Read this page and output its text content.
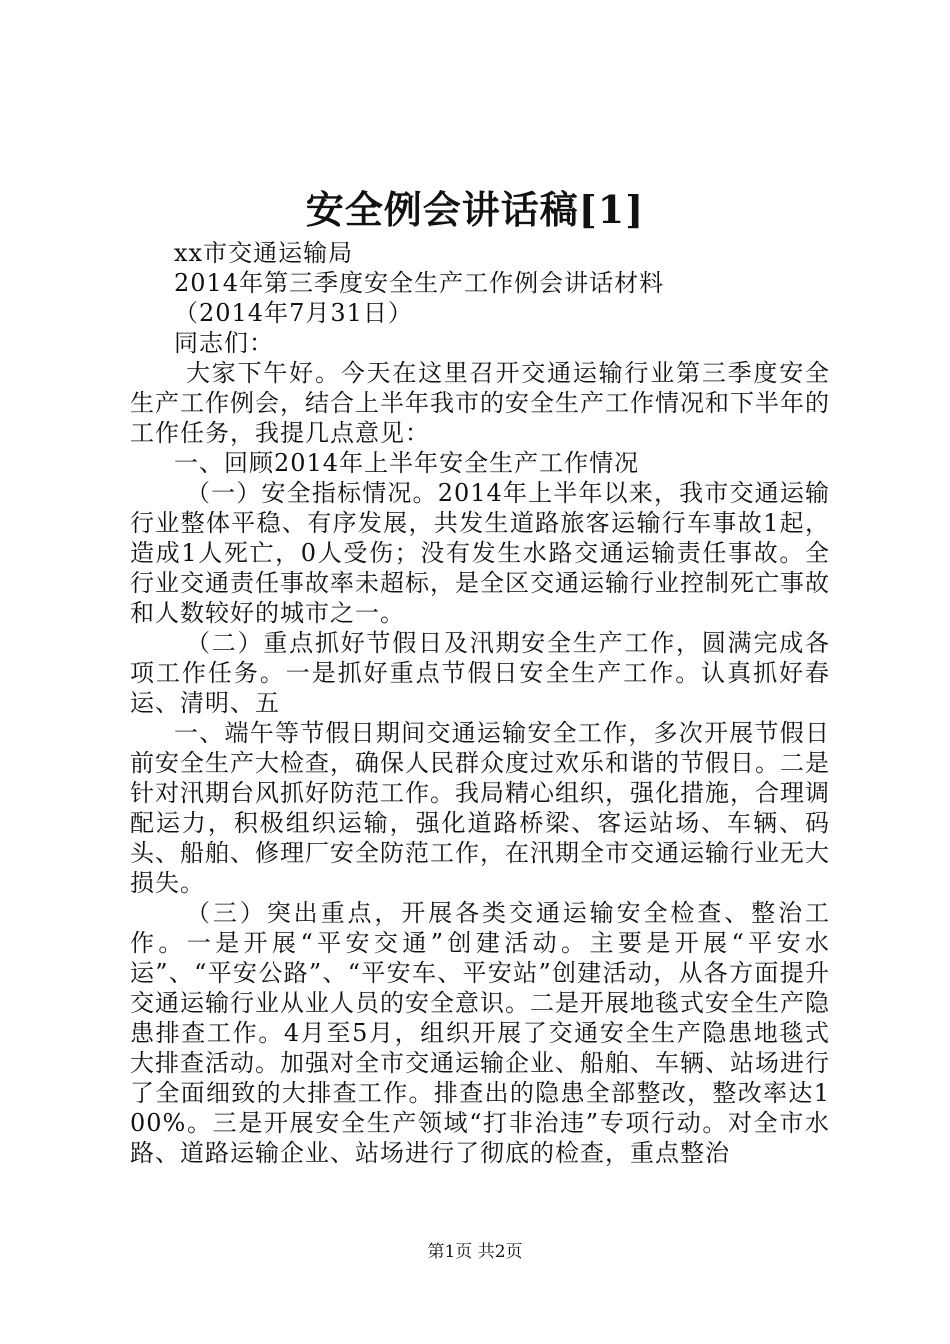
安全例会讲话稿[1]

xx市交通运输局

2014年第三季度安全生产工作例会讲话材料

（2014年7月31日）

同志们：

大家下午好。今天在这里召开交通运输行业第三季度安全生产工作例会，结合上半年我市的安全生产工作情况和下半年的工作任务，我提几点意见：

一、回顾2014年上半年安全生产工作情况

（一）安全指标情况。2014年上半年以来，我市交通运输行业整体平稳、有序发展，共发生道路旅客运输行车事故1起，造成1人死亡，0人受伤；没有发生水路交通运输责任事故。全行业交通责任事故率未超标，是全区交通运输行业控制死亡事故和人数较好的城市之一。

（二）重点抓好节假日及汛期安全生产工作，圆满完成各项工作任务。一是抓好重点节假日安全生产工作。认真抓好春运、清明、五

一、端午等节假日期间交通运输安全工作，多次开展节假日前安全生产大检查，确保人民群众度过欢乐和谐的节假日。二是针对汛期台风抓好防范工作。我局精心组织，强化措施，合理调配运力，积极组织运输，强化道路桥梁、客运站场、车辆、码头、船舶、修理厂安全防范工作，在汛期全市交通运输行业无大损失。

（三）突出重点，开展各类交通运输安全检查、整治工作。一是开展“平安交通”创建活动。主要是开展“平安水运”、“平安公路”、“平安车、平安站”创建活动，从各方面提升交通运输行业从业人员的安全意识。二是开展地毯式安全生产隐患排查工作。4月至5月，组织开展了交通安全生产隐患地毯式大排查活动。加强对全市交通运输企业、船舶、车辆、站场进行了全面细致的大排查工作。排查出的隐患全部整改，整改率达100%。三是开展安全生产领域“打非治违”专项行动。对全市水路、道路运输企业、站场进行了彻底的检查，重点整治

第1页 共2页
